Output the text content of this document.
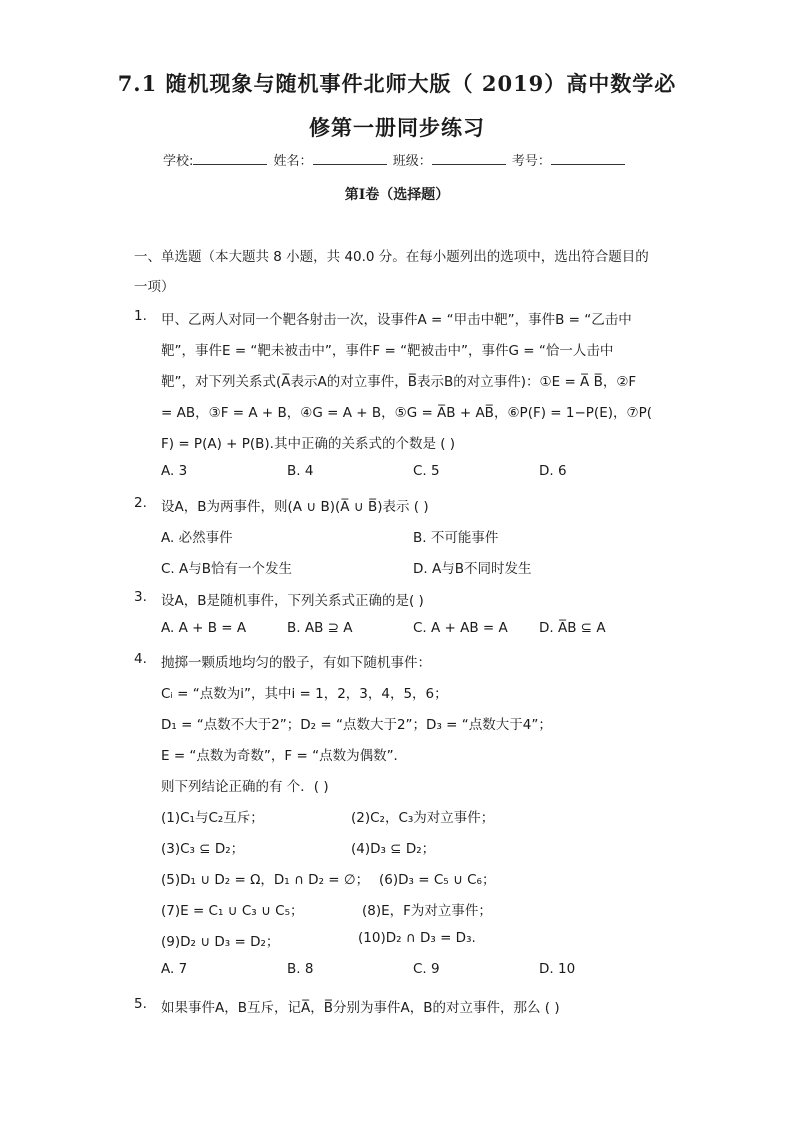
7.1 随机现象与随机事件北师大版（ 2019）高中数学必
修第一册同步练习
学校:	姓名：	班级：	考号：
第I卷（选择题）
一、单选题（本大题共 8 小题，共 40.0 分。在每小题列出的选项中，选出符合题目的
一项）
1. 甲、乙两人对同一个靶各射击一次，设事件A = “甲击中靶”，事件B = “乙击中
靶”，事件E = “靶未被击中”，事件F = “靶被击中”，事件G = “恰一人击中
靶”，对下列关系式(A̅表示A的对立事件，B̅表示B的对立事件)：①E = A̅ B̅，②F
= AB，③F = A + B，④G = A + B，⑤G = A̅B + AB̅，⑥P(F) = 1−P(E)，⑦P(
F) = P(A) + P(B).其中正确的关系式的个数是 ( )
A. 3	B. 4	C. 5	D. 6
2. 设A，B为两事件，则(A ∪ B)(A̅ ∪ B̅)表示 ( )
A. 必然事件	B. 不可能事件
C. A与B恰有一个发生	D. A与B不同时发生
3. 设A，B是随机事件，下列关系式正确的是( )
A. A + B = A	B. AB ⊇ A	C. A + AB = A D. A̅B ⊆ A
4. 抛掷一颗质地均匀的骰子，有如下随机事件：
Cᵢ = “点数为i”，其中i = 1，2，3，4，5，6；
D₁ = “点数不大于2”；D₂ = “点数大于2”；D₃ = “点数大于4”；
E = “点数为奇数”，F = “点数为偶数”．
则下列结论正确的有 个．( )
(1)C₁与C₂互斥；	(2)C₂，C₃为对立事件；
(3)C₃ ⊆ D₂；	(4)D₃ ⊆ D₂；
(5)D₁ ∪ D₂ = Ω，D₁ ∩ D₂ = ∅； (6)D₃ = C₅ ∪ C₆；
(7)E = C₁ ∪ C₃ ∪ C₅；	(8)E，F为对立事件；
(9)D₂ ∪ D₃ = D₂；	(10)D₂ ∩ D₃ = D₃.
A. 7	B. 8	C. 9	D. 10
5. 如果事件A，B互斥，记A̅，B̅分别为事件A，B的对立事件，那么 ( )
